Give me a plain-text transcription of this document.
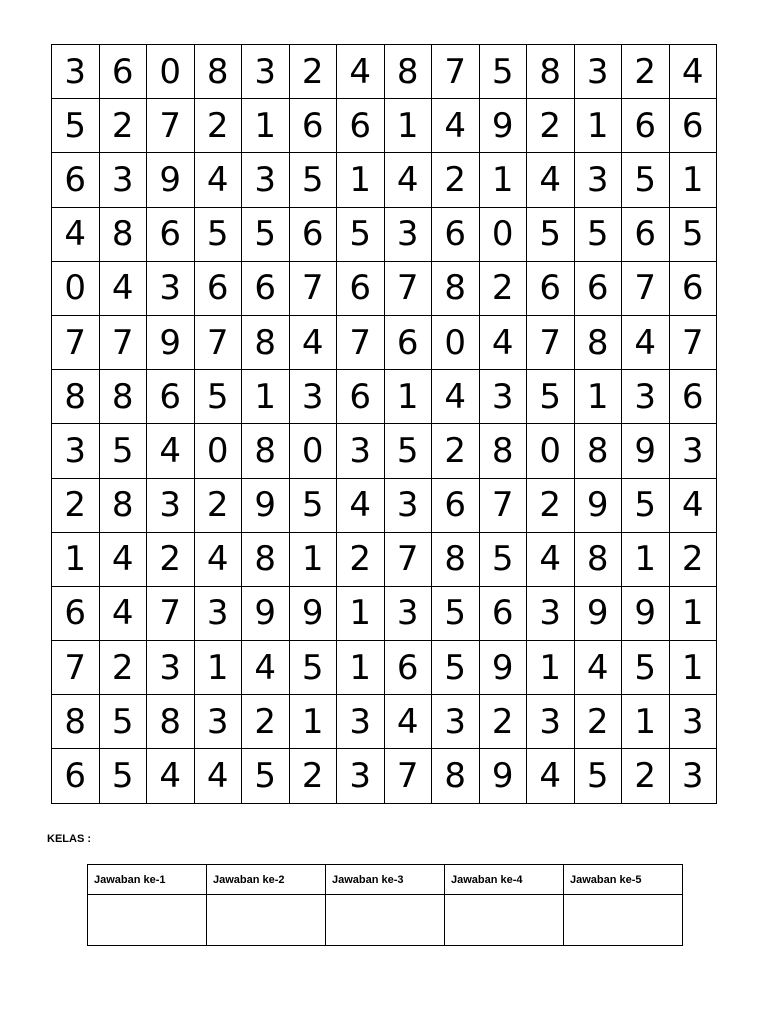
3	6	0	8	3	2	4	8	7	5	8	3	2	4
5	2	7	2	1	6	6	1	4	9	2	1	6	6
6	3	9	4	3	5	1	4	2	1	4	3	5	1
4	8	6	5	5	6	5	3	6	0	5	5	6	5
0	4	3	6	6	7	6	7	8	2	6	6	7	6
7	7	9	7	8	4	7	6	0	4	7	8	4	7
8	8	6	5	1	3	6	1	4	3	5	1	3	6
3	5	4	0	8	0	3	5	2	8	0	8	9	3
2	8	3	2	9	5	4	3	6	7	2	9	5	4
1	4	2	4	8	1	2	7	8	5	4	8	1	2
6	4	7	3	9	9	1	3	5	6	3	9	9	1
7	2	3	1	4	5	1	6	5	9	1	4	5	1
8	5	8	3	2	1	3	4	3	2	3	2	1	3
6	5	4	4	5	2	3	7	8	9	4	5	2	3
KELAS :
Jawaban ke-1	Jawaban ke-2	Jawaban ke-3	Jawaban ke-4	Jawaban ke-5
